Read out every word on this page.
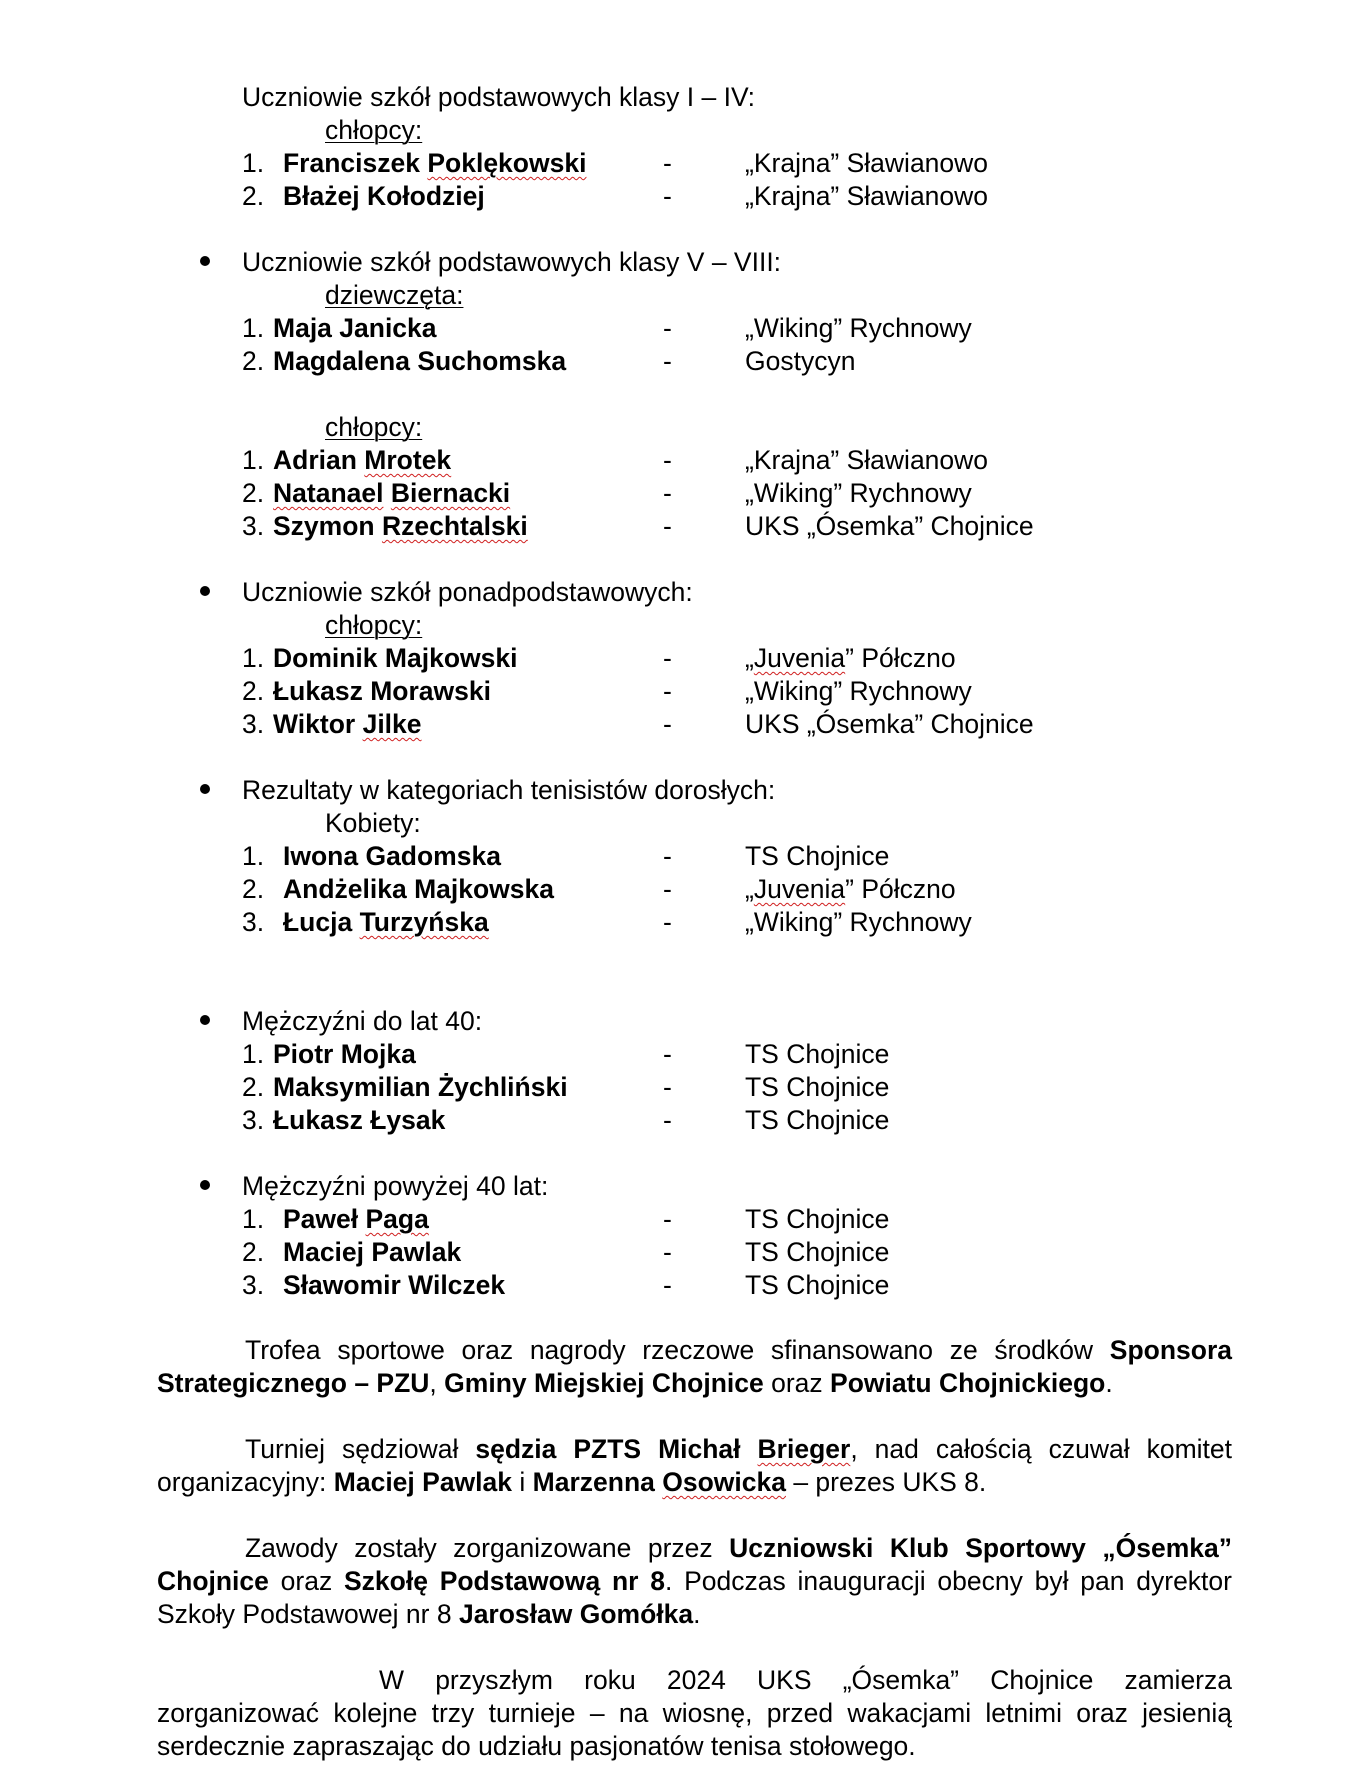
Uczniowie szkół podstawowych klasy I – IV:
chłopcy:
1. Franciszek Poklękowski	-	„Krajna” Sławianowo
2. Błażej Kołodziej	-	„Krajna” Sławianowo
Uczniowie szkół podstawowych klasy V – VIII:
dziewczęta:
1. Maja Janicka	-	„Wiking” Rychnowy
2. Magdalena Suchomska	-	Gostycyn
chłopcy:
1. Adrian Mrotek	-	„Krajna” Sławianowo
2. Natanael Biernacki	-	„Wiking” Rychnowy
3. Szymon Rzechtalski	-	UKS „Ósemka” Chojnice
Uczniowie szkół ponadpodstawowych:
chłopcy:
1. Dominik Majkowski	-	„Juvenia” Półczno
2. Łukasz Morawski	-	„Wiking” Rychnowy
3. Wiktor Jilke	-	UKS „Ósemka” Chojnice
Rezultaty w kategoriach tenisistów dorosłych:
Kobiety:
1. Iwona Gadomska	-	TS Chojnice
2. Andżelika Majkowska	-	„Juvenia” Półczno
3. Łucja Turzyńska	-	„Wiking” Rychnowy
Mężczyźni do lat 40:
1. Piotr Mojka	-	TS Chojnice
2. Maksymilian Żychliński	-	TS Chojnice
3. Łukasz Łysak	-	TS Chojnice
Mężczyźni powyżej 40 lat:
1. Paweł Paga	-	TS Chojnice
2. Maciej Pawlak	-	TS Chojnice
3. Sławomir Wilczek	-	TS Chojnice

Trofea sportowe oraz nagrody rzeczowe sfinansowano ze środków Sponsora Strategicznego – PZU, Gminy Miejskiej Chojnice oraz Powiatu Chojnickiego.

Turniej sędziował sędzia PZTS Michał Brieger, nad całością czuwał komitet organizacyjny: Maciej Pawlak i Marzenna Osowicka – prezes UKS 8.

Zawody zostały zorganizowane przez Uczniowski Klub Sportowy „Ósemka” Chojnice oraz Szkołę Podstawową nr 8. Podczas inauguracji obecny był pan dyrektor Szkoły Podstawowej nr 8 Jarosław Gomółka.

W przyszłym roku 2024 UKS „Ósemka” Chojnice zamierza zorganizować kolejne trzy turnieje – na wiosnę, przed wakacjami letnimi oraz jesienią serdecznie zapraszając do udziału pasjonatów tenisa stołowego.
